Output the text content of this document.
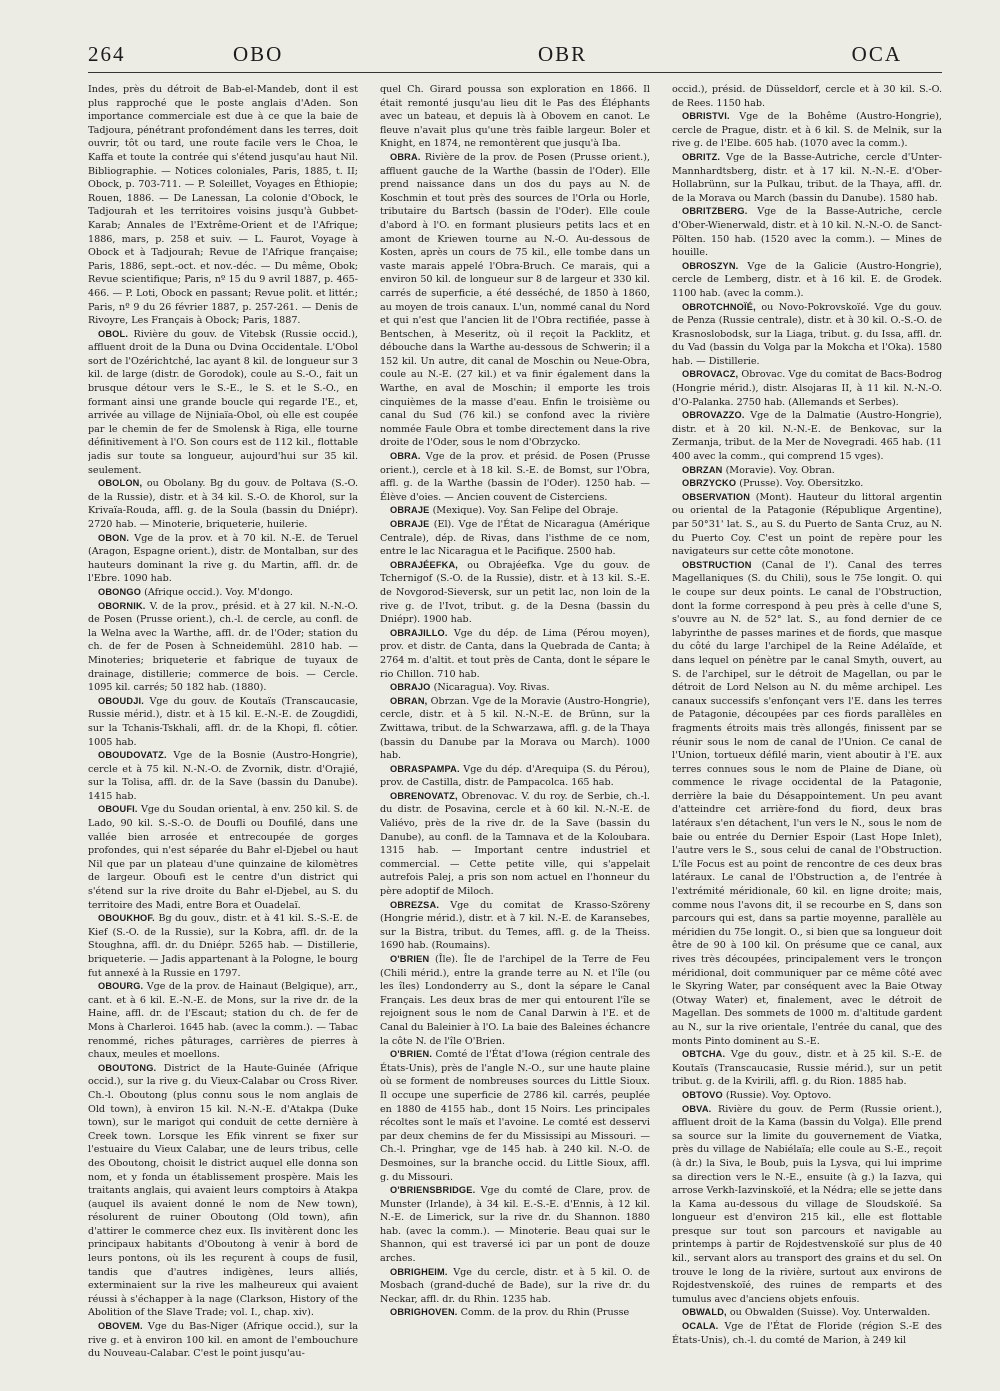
264	OBO	OBR	OCA

Indes, près du détroit de Bab-el-Mandeb, dont il est plus rapproché que le poste anglais d'Aden. Son importance commerciale est due à ce que la baie de Tadjoura, pénétrant profondément dans les terres, doit ouvrir, tôt ou tard, une route facile vers le Choa, le Kaffa et toute la contrée qui s'étend jusqu'au haut Nil. Bibliographie. — Notices coloniales, Paris, 1885, t. II; Obock, p. 703-711. — P. Soleillet, Voyages en Éthiopie; Rouen, 1886. — De Lanessan, La colonie d'Obock, le Tadjourah et les territoires voisins jusqu'à Gubbet-Karab; Annales de l'Extrême-Orient et de l'Afrique; 1886, mars, p. 258 et suiv. — L. Faurot, Voyage à Obock et à Tadjourah; Revue de l'Afrique française; Paris, 1886, sept.-oct. et nov.-déc. — Du même, Obok; Revue scientifique; Paris, nº 15 du 9 avril 1887, p. 465-466. — P. Loti, Obock en passant; Revue polit. et littér.; Paris, nº 9 du 26 février 1887, p. 257-261. — Denis de Rivoyre, Les Français à Obock; Paris, 1887.

OBOL. Rivière du gouv. de Vitebsk (Russie occid.), affluent droit de la Duna ou Dvina Occidentale. L'Obol sort de l'Ozérichtché, lac ayant 8 kil. de longueur sur 3 kil. de large (distr. de Gorodok), coule au S.-O., fait un brusque détour vers le S.-E., le S. et le S.-O., en formant ainsi une grande boucle qui regarde l'E., et, arrivée au village de Nijniaïa-Obol, où elle est coupée par le chemin de fer de Smolensk à Riga, elle tourne définitivement à l'O. Son cours est de 112 kil., flottable jadis sur toute sa longueur, aujourd'hui sur 35 kil. seulement.

OBOLON, ou Obolany. Bg du gouv. de Poltava (S.-O. de la Russie), distr. et à 34 kil. S.-O. de Khorol, sur la Krivaïa-Rouda, affl. g. de la Soula (bassin du Dniépr). 2720 hab. — Minoterie, briqueterie, huilerie.

OBON. Vge de la prov. et à 70 kil. N.-E. de Teruel (Aragon, Espagne orient.), distr. de Montalban, sur des hauteurs dominant la rive g. du Martin, affl. dr. de l'Ebre. 1090 hab.

OBONGO (Afrique occid.). Voy. M'dongo.

OBORNIK. V. de la prov., présid. et à 27 kil. N.-N.-O. de Posen (Prusse orient.), ch.-l. de cercle, au confl. de la Welna avec la Warthe, affl. dr. de l'Oder; station du ch. de fer de Posen à Schneidemühl. 2810 hab. — Minoteries; briqueterie et fabrique de tuyaux de drainage, distillerie; commerce de bois. — Cercle. 1095 kil. carrés; 50 182 hab. (1880).

OBOUDJI. Vge du gouv. de Koutaïs (Transcaucasie, Russie mérid.), distr. et à 15 kil. E.-N.-E. de Zougdidi, sur la Tchanis-Tskhali, affl. dr. de la Khopi, fl. côtier. 1005 hab.

OBOUDOVATZ. Vge de la Bosnie (Austro-Hongrie), cercle et à 75 kil. N.-N.-O. de Zvornik, distr. d'Orajié, sur la Tolisa, affl. dr. de la Save (bassin du Danube). 1415 hab.

OBOUFI. Vge du Soudan oriental, à env. 250 kil. S. de Lado, 90 kil. S.-S.-O. de Doufli ou Doufilé, dans une vallée bien arrosée et entrecoupée de gorges profondes, qui n'est séparée du Bahr el-Djebel ou haut Nil que par un plateau d'une quinzaine de kilomètres de largeur. Oboufi est le centre d'un district qui s'étend sur la rive droite du Bahr el-Djebel, au S. du territoire des Madi, entre Bora et Ouadelaï.

OBOUKHOF. Bg du gouv., distr. et à 41 kil. S.-S.-E. de Kief (S.-O. de la Russie), sur la Kobra, affl. dr. de la Stoughna, affl. dr. du Dniépr. 5265 hab. — Distillerie, briqueterie. — Jadis appartenant à la Pologne, le bourg fut annexé à la Russie en 1797.

OBOURG. Vge de la prov. de Hainaut (Belgique), arr., cant. et à 6 kil. E.-N.-E. de Mons, sur la rive dr. de la Haine, affl. dr. de l'Escaut; station du ch. de fer de Mons à Charleroi. 1645 hab. (avec la comm.). — Tabac renommé, riches pâturages, carrières de pierres à chaux, meules et moellons.

OBOUTONG. District de la Haute-Guinée (Afrique occid.), sur la rive g. du Vieux-Calabar ou Cross River. Ch.-l. Oboutong (plus connu sous le nom anglais de Old town), à environ 15 kil. N.-N.-E. d'Atakpa (Duke town), sur le marigot qui conduit de cette dernière à Creek town. Lorsque les Efik vinrent se fixer sur l'estuaire du Vieux Calabar, une de leurs tribus, celle des Oboutong, choisit le district auquel elle donna son nom, et y fonda un établissement prospère. Mais les traitants anglais, qui avaient leurs comptoirs à Atakpa (auquel ils avaient donné le nom de New town), résolurent de ruiner Oboutong (Old town), afin d'attirer le commerce chez eux. Ils invitèrent donc les principaux habitants d'Oboutong à venir à bord de leurs pontons, où ils les reçurent à coups de fusil, tandis que d'autres indigènes, leurs alliés, exterminaient sur la rive les malheureux qui avaient réussi à s'échapper à la nage (Clarkson, History of the Abolition of the Slave Trade; vol. I., chap. xiv).

OBOVEM. Vge du Bas-Niger (Afrique occid.), sur la rive g. et à environ 100 kil. en amont de l'embouchure du Nouveau-Calabar. C'est le point jusqu'au-

quel Ch. Girard poussa son exploration en 1866. Il était remonté jusqu'au lieu dit le Pas des Éléphants avec un bateau, et depuis là à Obovem en canot. Le fleuve n'avait plus qu'une très faible largeur. Boler et Knight, en 1874, ne remontèrent que jusqu'à Iba.

OBRA. Rivière de la prov. de Posen (Prusse orient.), affluent gauche de la Warthe (bassin de l'Oder). Elle prend naissance dans un dos du pays au N. de Koschmin et tout près des sources de l'Orla ou Horle, tributaire du Bartsch (bassin de l'Oder). Elle coule d'abord à l'O. en formant plusieurs petits lacs et en amont de Kriewen tourne au N.-O. Au-dessous de Kosten, après un cours de 75 kil., elle tombe dans un vaste marais appelé l'Obra-Bruch. Ce marais, qui a environ 50 kil. de longueur sur 8 de largeur et 330 kil. carrés de superficie, a été desséché, de 1850 à 1860, au moyen de trois canaux. L'un, nommé canal du Nord et qui n'est que l'ancien lit de l'Obra rectifiée, passe à Bentschen, à Meseritz, où il reçoit la Packlitz, et débouche dans la Warthe au-dessous de Schwerin; il a 152 kil. Un autre, dit canal de Moschin ou Neue-Obra, coule au N.-E. (27 kil.) et va finir également dans la Warthe, en aval de Moschin; il emporte les trois cinquièmes de la masse d'eau. Enfin le troisième ou canal du Sud (76 kil.) se confond avec la rivière nommée Faule Obra et tombe directement dans la rive droite de l'Oder, sous le nom d'Obrzycko.

OBRA. Vge de la prov. et présid. de Posen (Prusse orient.), cercle et à 18 kil. S.-E. de Bomst, sur l'Obra, affl. g. de la Warthe (bassin de l'Oder). 1250 hab. — Élève d'oies. — Ancien couvent de Cisterciens.

OBRAJE (Mexique). Voy. San Felipe del Obraje.

OBRAJE (El). Vge de l'État de Nicaragua (Amérique Centrale), dép. de Rivas, dans l'isthme de ce nom, entre le lac Nicaragua et le Pacifique. 2500 hab.

OBRAJÉEFKA, ou Obrajéefka. Vge du gouv. de Tchernigof (S.-O. de la Russie), distr. et à 13 kil. S.-E. de Novgorod-Sieversk, sur un petit lac, non loin de la rive g. de l'Ivot, tribut. g. de la Desna (bassin du Dniépr). 1900 hab.

OBRAJILLO. Vge du dép. de Lima (Pérou moyen), prov. et distr. de Canta, dans la Quebrada de Canta; à 2764 m. d'altit. et tout près de Canta, dont le sépare le rio Chillon. 710 hab.

OBRAJO (Nicaragua). Voy. Rivas.

OBRAN, Obrzan. Vge de la Moravie (Austro-Hongrie), cercle, distr. et à 5 kil. N.-N.-E. de Brünn, sur la Zwittawa, tribut. de la Schwarzawa, affl. g. de la Thaya (bassin du Danube par la Morava ou March). 1000 hab.

OBRASPAMPA. Vge du dép. d'Arequipa (S. du Pérou), prov. de Castilla, distr. de Pampacolca. 165 hab.

OBRENOVATZ, Obrenovac. V. du roy. de Serbie, ch.-l. du distr. de Posavina, cercle et à 60 kil. N.-N.-E. de Valiévo, près de la rive dr. de la Save (bassin du Danube), au confl. de la Tamnava et de la Koloubara. 1315 hab. — Important centre industriel et commercial. — Cette petite ville, qui s'appelait autrefois Palej, a pris son nom actuel en l'honneur du père adoptif de Miloch.

OBREZSA. Vge du comitat de Krasso-Szöreny (Hongrie mérid.), distr. et à 7 kil. N.-E. de Karansebes, sur la Bistra, tribut. du Temes, affl. g. de la Theiss. 1690 hab. (Roumains).

O'BRIEN (Île). Île de l'archipel de la Terre de Feu (Chili mérid.), entre la grande terre au N. et l'île (ou les îles) Londonderry au S., dont la sépare le Canal Français. Les deux bras de mer qui entourent l'île se rejoignent sous le nom de Canal Darwin à l'E. et de Canal du Baleinier à l'O. La baie des Baleines échancre la côte N. de l'île O'Brien.

O'BRIEN. Comté de l'État d'Iowa (région centrale des États-Unis), près de l'angle N.-O., sur une haute plaine où se forment de nombreuses sources du Little Sioux. Il occupe une superficie de 2786 kil. carrés, peuplée en 1880 de 4155 hab., dont 15 Noirs. Les principales récoltes sont le maïs et l'avoine. Le comté est desservi par deux chemins de fer du Mississipi au Missouri. — Ch.-l. Pringhar, vge de 145 hab. à 240 kil. N.-O. de Desmoines, sur la branche occid. du Little Sioux, affl. g. du Missouri.

O'BRIENSBRIDGE. Vge du comté de Clare, prov. de Munster (Irlande), à 34 kil. E.-S.-E. d'Ennis, à 12 kil. N.-E. de Limerick, sur la rive dr. du Shannon. 1880 hab. (avec la comm.). — Minoterie. Beau quai sur le Shannon, qui est traversé ici par un pont de douze arches.

OBRIGHEIM. Vge du cercle, distr. et à 5 kil. O. de Mosbach (grand-duché de Bade), sur la rive dr. du Neckar, affl. dr. du Rhin. 1235 hab.

OBRIGHOVEN. Comm. de la prov. du Rhin (Prusse

occid.), présid. de Düsseldorf, cercle et à 30 kil. S.-O. de Rees. 1150 hab.

OBRISTVI. Vge de la Bohême (Austro-Hongrie), cercle de Prague, distr. et à 6 kil. S. de Melnik, sur la rive g. de l'Elbe. 605 hab. (1070 avec la comm.).

OBRITZ. Vge de la Basse-Autriche, cercle d'Unter-Mannhardtsberg, distr. et à 17 kil. N.-N.-E. d'Ober-Hollabrünn, sur la Pulkau, tribut. de la Thaya, affl. dr. de la Morava ou March (bassin du Danube). 1580 hab.

OBRITZBERG. Vge de la Basse-Autriche, cercle d'Ober-Wienerwald, distr. et à 10 kil. N.-N.-O. de Sanct-Pölten. 150 hab. (1520 avec la comm.). — Mines de houille.

OBROSZYN. Vge de la Galicie (Austro-Hongrie), cercle de Lemberg, distr. et à 16 kil. E. de Grodek. 1100 hab. (avec la comm.).

OBROTCHNOÏÉ, ou Novo-Pokrovskoïé. Vge du gouv. de Penza (Russie centrale), distr. et à 30 kil. O.-S.-O. de Krasnoslobodsk, sur la Liaga, tribut. g. du Issa, affl. dr. du Vad (bassin du Volga par la Mokcha et l'Oka). 1580 hab. — Distillerie.

OBROVACZ, Obrovac. Vge du comitat de Bacs-Bodrog (Hongrie mérid.), distr. Alsojaras II, à 11 kil. N.-N.-O. d'O-Palanka. 2750 hab. (Allemands et Serbes).

OBROVAZZO. Vge de la Dalmatie (Austro-Hongrie), distr. et à 20 kil. N.-N.-E. de Benkovac, sur la Zermanja, tribut. de la Mer de Novegradi. 465 hab. (11 400 avec la comm., qui comprend 15 vges).

OBRZAN (Moravie). Voy. Obran.

OBRZYCKO (Prusse). Voy. Obersitzko.

OBSERVATION (Mont). Hauteur du littoral argentin ou oriental de la Patagonie (République Argentine), par 50°31' lat. S., au S. du Puerto de Santa Cruz, au N. du Puerto Coy. C'est un point de repère pour les navigateurs sur cette côte monotone.

OBSTRUCTION (Canal de l'). Canal des terres Magellaniques (S. du Chili), sous le 75e longit. O. qui le coupe sur deux points. Le canal de l'Obstruction, dont la forme correspond à peu près à celle d'une S, s'ouvre au N. de 52° lat. S., au fond dernier de ce labyrinthe de passes marines et de fiords, que masque du côté du large l'archipel de la Reine Adélaïde, et dans lequel on pénètre par le canal Smyth, ouvert, au S. de l'archipel, sur le détroit de Magellan, ou par le détroit de Lord Nelson au N. du même archipel. Les canaux successifs s'enfonçant vers l'E. dans les terres de Patagonie, découpées par ces fiords parallèles en fragments étroits mais très allongés, finissent par se réunir sous le nom de canal de l'Union. Ce canal de l'Union, tortueux défilé marin, vient aboutir à l'E. aux terres connues sous le nom de Plaine de Diane, où commence le rivage occidental de la Patagonie, derrière la baie du Désappointement. Un peu avant d'atteindre cet arrière-fond du fiord, deux bras latéraux s'en détachent, l'un vers le N., sous le nom de baie ou entrée du Dernier Espoir (Last Hope Inlet), l'autre vers le S., sous celui de canal de l'Obstruction. L'île Focus est au point de rencontre de ces deux bras latéraux. Le canal de l'Obstruction a, de l'entrée à l'extrémité méridionale, 60 kil. en ligne droite; mais, comme nous l'avons dit, il se recourbe en S, dans son parcours qui est, dans sa partie moyenne, parallèle au méridien du 75e longit. O., si bien que sa longueur doit être de 90 à 100 kil. On présume que ce canal, aux rives très découpées, principalement vers le tronçon méridional, doit communiquer par ce même côté avec le Skyring Water, par conséquent avec la Baie Otway (Otway Water) et, finalement, avec le détroit de Magellan. Des sommets de 1000 m. d'altitude gardent au N., sur la rive orientale, l'entrée du canal, que des monts Pinto dominent au S.-E.

OBTCHA. Vge du gouv., distr. et à 25 kil. S.-E. de Koutaïs (Transcaucasie, Russie mérid.), sur un petit tribut. g. de la Kvirili, affl. g. du Rion. 1885 hab.

OBTOVO (Russie). Voy. Optovo.

OBVA. Rivière du gouv. de Perm (Russie orient.), affluent droit de la Kama (bassin du Volga). Elle prend sa source sur la limite du gouvernement de Viatka, près du village de Nabiélaïa; elle coule au S.-E., reçoit (à dr.) la Siva, le Boub, puis la Lysva, qui lui imprime sa direction vers le N.-E., ensuite (à g.) la Iazva, qui arrose Verkh-Iazvinskoïé, et la Nédra; elle se jette dans la Kama au-dessous du village de Sloudskoïé. Sa longueur est d'environ 215 kil., elle est flottable presque sur tout son parcours et navigable au printemps à partir de Rojdestvenskoïé sur plus de 40 kil., servant alors au transport des grains et du sel. On trouve le long de la rivière, surtout aux environs de Rojdestvenskoïé, des ruines de remparts et des tumulus avec d'anciens objets enfouis.

OBWALD, ou Obwalden (Suisse). Voy. Unterwalden.

OCALA. Vge de l'État de Floride (région S.-E des États-Unis), ch.-l. du comté de Marion, à 249 kil
